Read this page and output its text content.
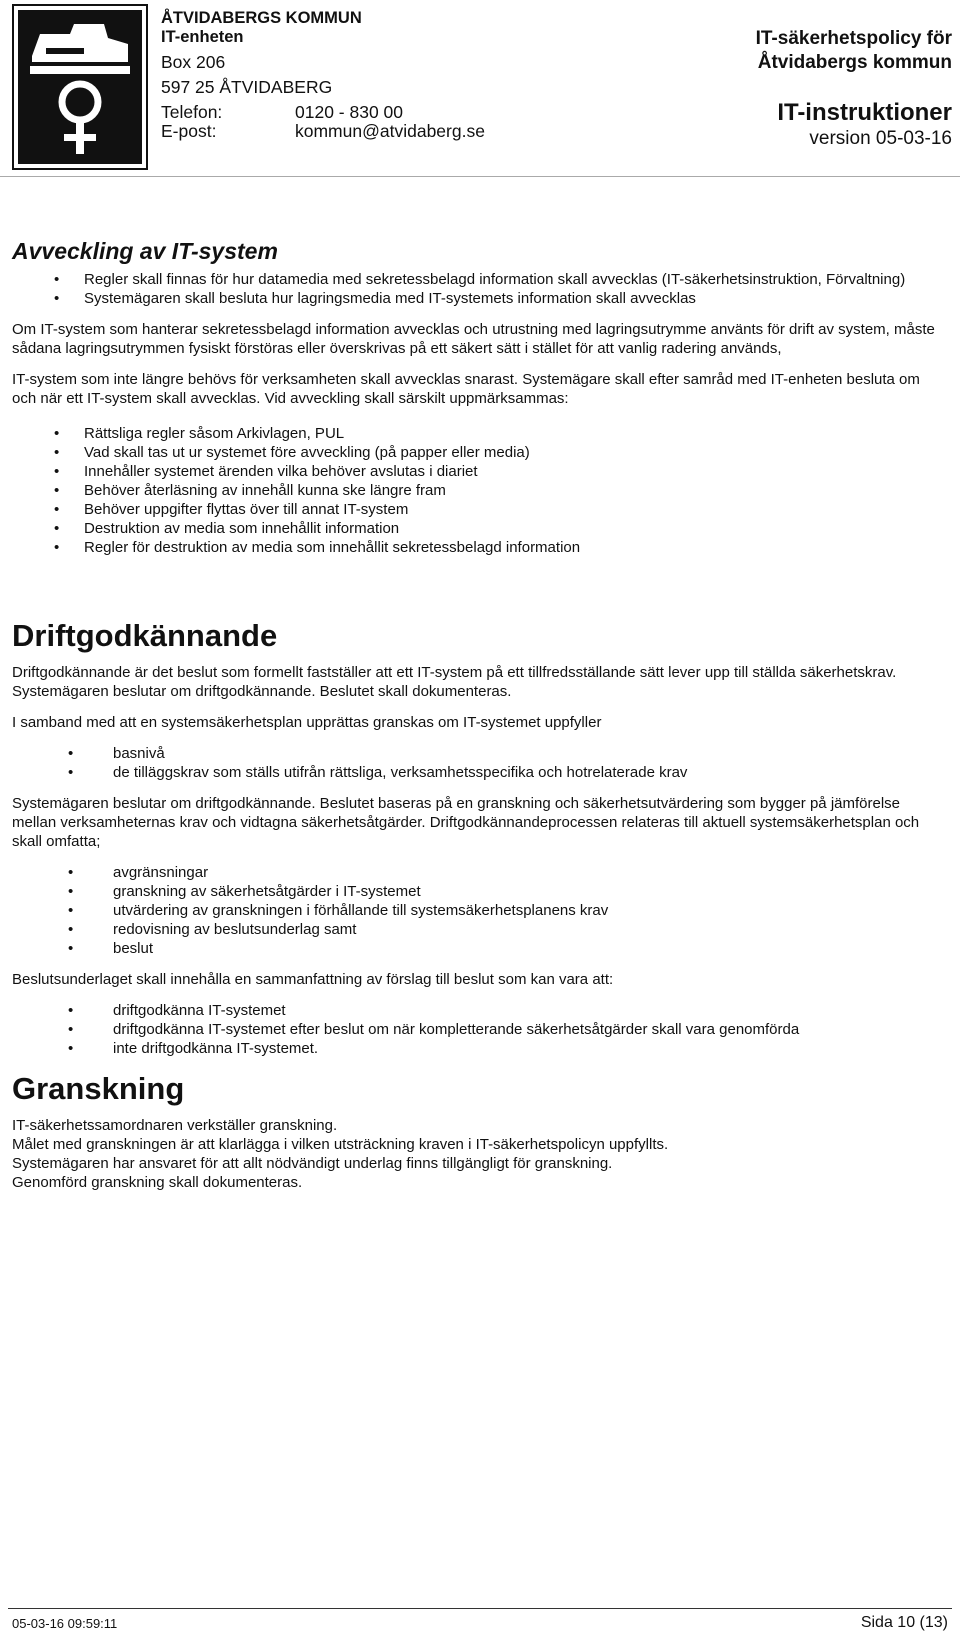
ÅTVIDABERGS KOMMUN
IT-enheten
Box 206
597 25 ÅTVIDABERG
Telefon:	0120 - 830 00
E-post:	kommun@atvidaberg.se
IT-säkerhetspolicy för
Åtvidabergs kommun
IT-instruktioner
version 05-03-16
Avveckling av IT-system
• Regler skall finnas för hur datamedia med sekretessbelagd information skall avvecklas (IT-säkerhetsinstruktion, Förvaltning)
• Systemägaren skall besluta hur lagringsmedia med IT-systemets information skall avvecklas

Om IT-system som hanterar sekretessbelagd information avvecklas och utrustning med lagringsutrymme använts för drift av system, måste sådana lagringsutrymmen fysiskt förstöras eller överskrivas på ett säkert sätt i stället för att vanlig radering används,

IT-system som inte längre behövs för verksamheten skall avvecklas snarast. Systemägare skall efter samråd med IT-enheten besluta om och när ett IT-system skall avvecklas. Vid avveckling skall särskilt uppmärksammas:

• Rättsliga regler såsom Arkivlagen, PUL
• Vad skall tas ut ur systemet före avveckling (på papper eller media)
• Innehåller systemet ärenden vilka behöver avslutas i diariet
• Behöver återläsning av innehåll kunna ske längre fram
• Behöver uppgifter flyttas över till annat IT-system
• Destruktion av media som innehållit information
• Regler för destruktion av media som innehållit sekretessbelagd information
Driftgodkännande

Driftgodkännande är det beslut som formellt fastställer att ett IT-system på ett tillfredsställande sätt lever upp till ställda säkerhetskrav. Systemägaren beslutar om driftgodkännande. Beslutet skall dokumenteras.

I samband med att en systemsäkerhetsplan upprättas granskas om IT-systemet uppfyller

• basnivå
• de tilläggskrav som ställs utifrån rättsliga, verksamhetsspecifika och hotrelaterade krav

Systemägaren beslutar om driftgodkännande. Beslutet baseras på en granskning och säkerhetsutvärdering som bygger på jämförelse mellan verksamheternas krav och vidtagna säkerhetsåtgärder. Driftgodkännandeprocessen relateras till aktuell systemsäkerhetsplan och skall omfatta;

• avgränsningar
• granskning av säkerhetsåtgärder i IT-systemet
• utvärdering av granskningen i förhållande till systemsäkerhetsplanens krav
• redovisning av beslutsunderlag samt
• beslut

Beslutsunderlaget skall innehålla en sammanfattning av förslag till beslut som kan vara att:

• driftgodkänna IT-systemet
• driftgodkänna IT-systemet efter beslut om när kompletterande säkerhetsåtgärder skall vara genomförda
• inte driftgodkänna IT-systemet.
Granskning

IT-säkerhetssamordnaren verkställer granskning.

Målet med granskningen är att klarlägga i vilken utsträckning kraven i IT-säkerhetspolicyn uppfyllts.

Systemägaren har ansvaret för att allt nödvändigt underlag finns tillgängligt för granskning.

Genomförd granskning skall dokumenteras.

05-03-16 09:59:11	Sida 10 (13)
